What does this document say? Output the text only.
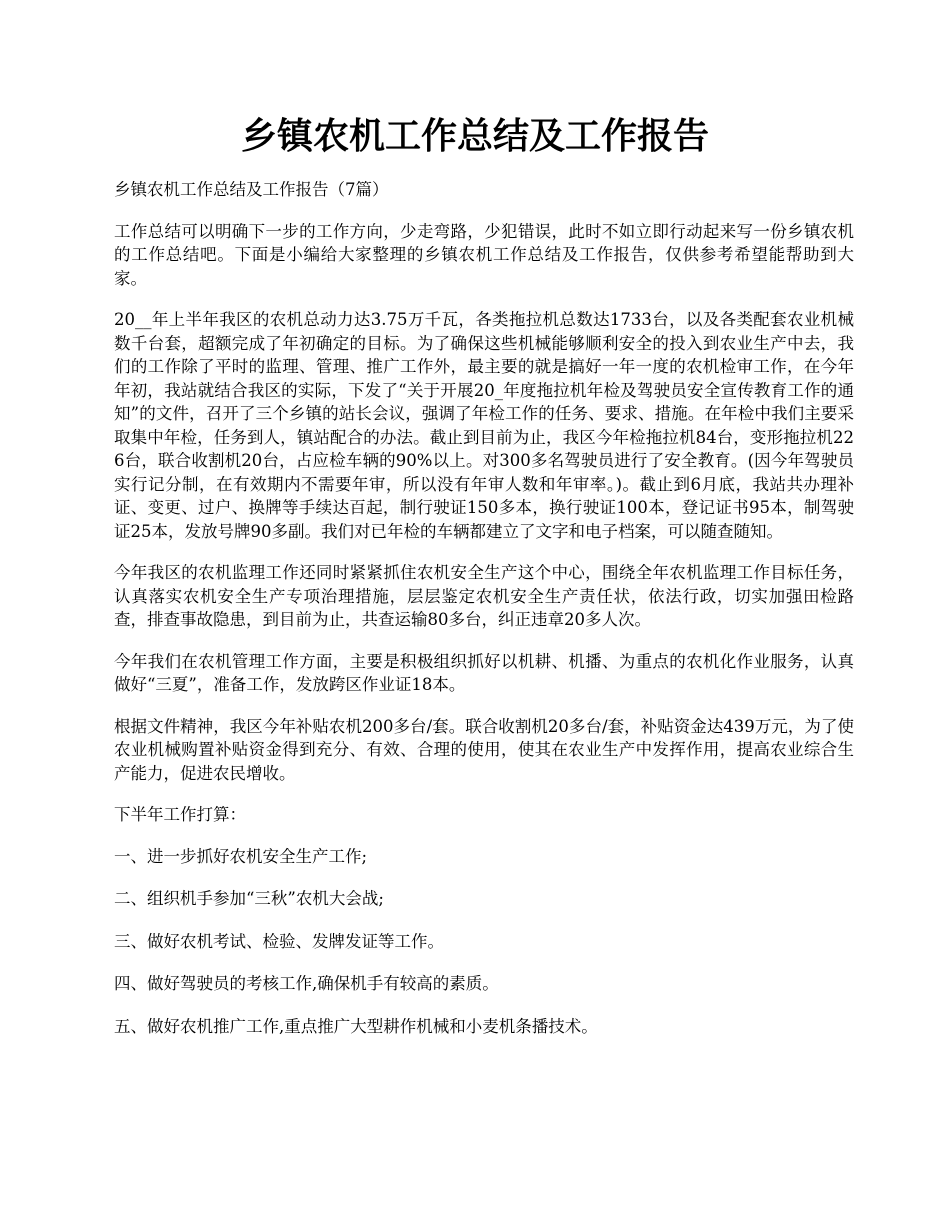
乡镇农机工作总结及工作报告

乡镇农机工作总结及工作报告（7篇）

工作总结可以明确下一步的工作方向，少走弯路，少犯错误，此时不如立即行动起来写一份乡镇农机的工作总结吧。下面是小编给大家整理的乡镇农机工作总结及工作报告，仅供参考希望能帮助到大家。

20__年上半年我区的农机总动力达3.75万千瓦，各类拖拉机总数达1733台，以及各类配套农业机械数千台套，超额完成了年初确定的目标。为了确保这些机械能够顺利安全的投入到农业生产中去，我们的工作除了平时的监理、管理、推广工作外，最主要的就是搞好一年一度的农机检审工作，在今年年初，我站就结合我区的实际，下发了“关于开展20_年度拖拉机年检及驾驶员安全宣传教育工作的通知”的文件，召开了三个乡镇的站长会议，强调了年检工作的任务、要求、措施。在年检中我们主要采取集中年检，任务到人，镇站配合的办法。截止到目前为止，我区今年检拖拉机84台，变形拖拉机226台，联合收割机20台，占应检车辆的90%以上。对300多名驾驶员进行了安全教育。(因今年驾驶员实行记分制，在有效期内不需要年审，所以没有年审人数和年审率。)。截止到6月底，我站共办理补证、变更、过户、换牌等手续达百起，制行驶证150多本，换行驶证100本，登记证书95本，制驾驶证25本，发放号牌90多副。我们对已年检的车辆都建立了文字和电子档案，可以随查随知。

今年我区的农机监理工作还同时紧紧抓住农机安全生产这个中心，围绕全年农机监理工作目标任务，认真落实农机安全生产专项治理措施，层层鉴定农机安全生产责任状，依法行政，切实加强田检路查，排查事故隐患，到目前为止，共查运输80多台，纠正违章20多人次。

今年我们在农机管理工作方面，主要是积极组织抓好以机耕、机播、为重点的农机化作业服务，认真做好“三夏”，准备工作，发放跨区作业证18本。

根据文件精神，我区今年补贴农机200多台/套。联合收割机20多台/套，补贴资金达439万元，为了使农业机械购置补贴资金得到充分、有效、合理的使用，使其在农业生产中发挥作用，提高农业综合生产能力，促进农民增收。

下半年工作打算：

一、进一步抓好农机安全生产工作;

二、组织机手参加“三秋”农机大会战;

三、做好农机考试、检验、发牌发证等工作。

四、做好驾驶员的考核工作,确保机手有较高的素质。

五、做好农机推广工作,重点推广大型耕作机械和小麦机条播技术。
